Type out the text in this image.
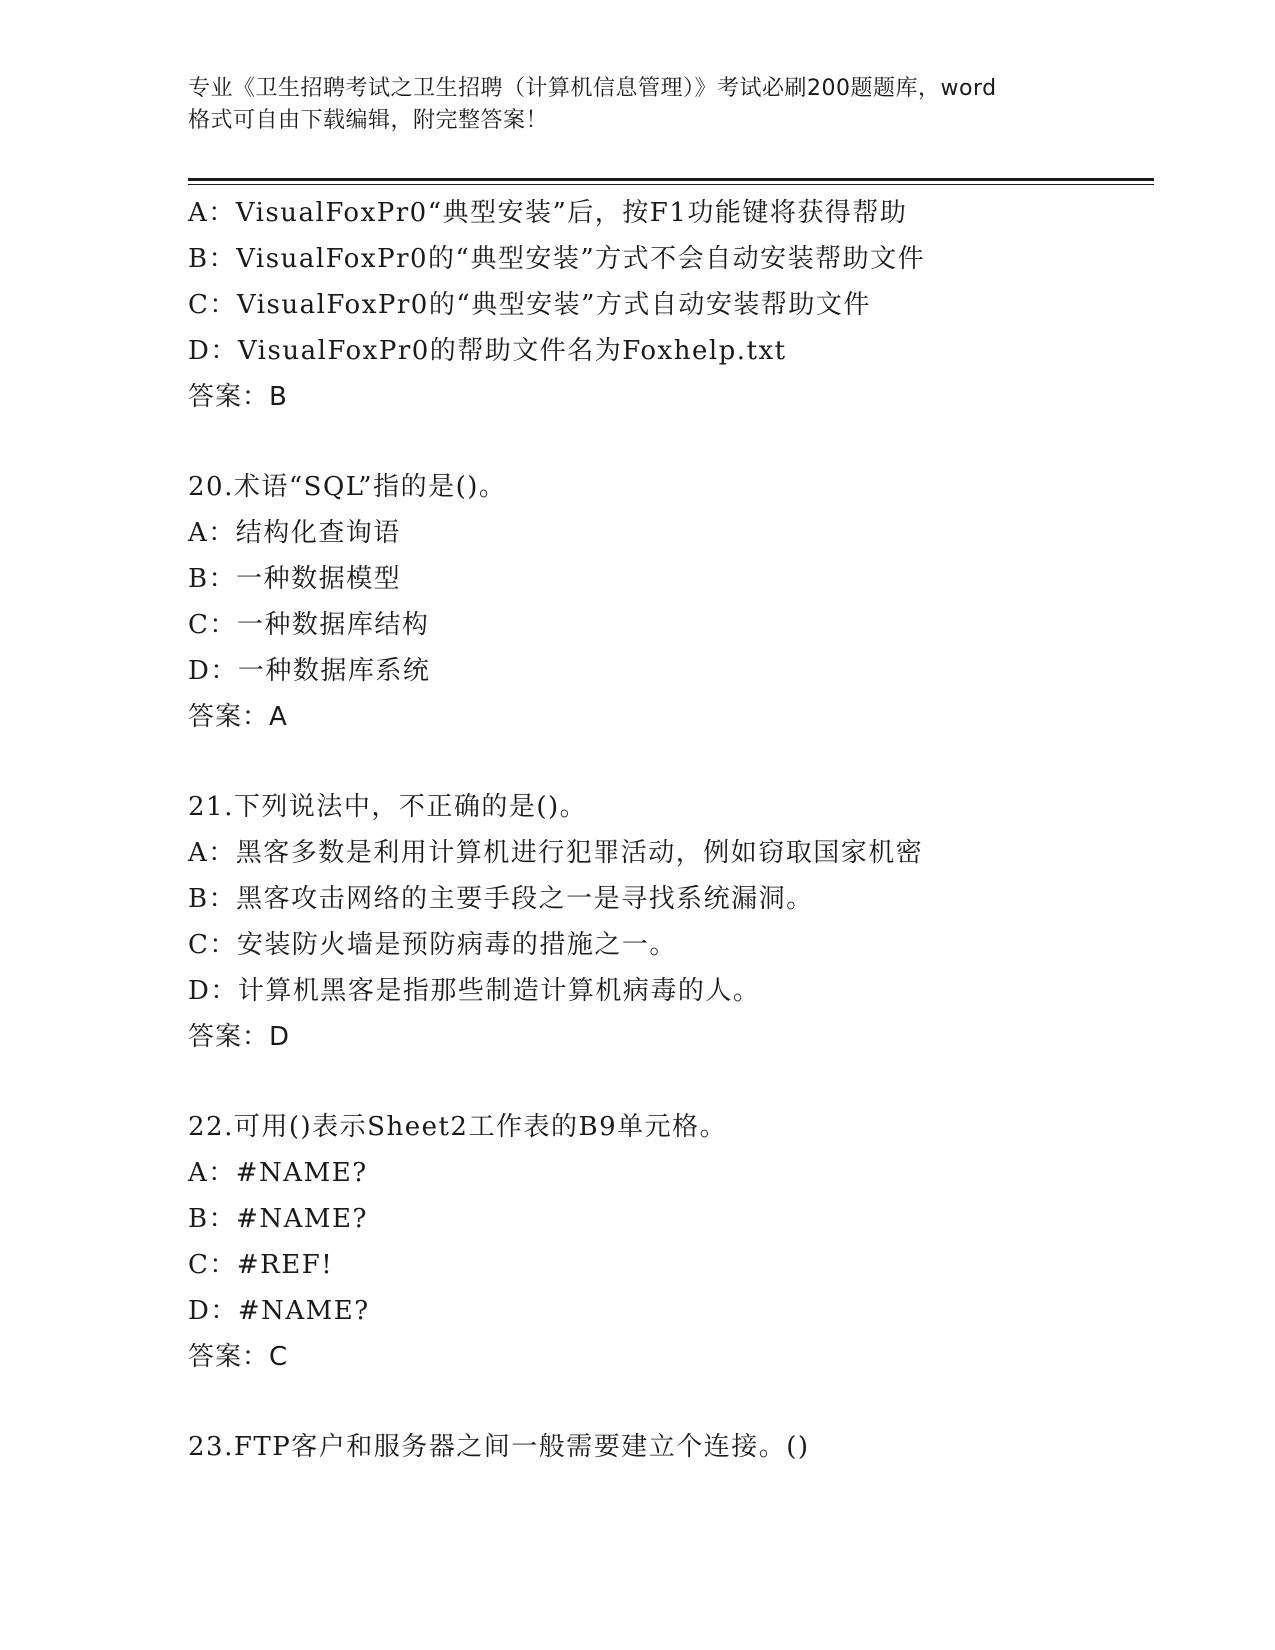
专业《卫生招聘考试之卫生招聘（计算机信息管理）》考试必刷200题题库，word
格式可自由下载编辑，附完整答案！
A：VisualFoxPr0“典型安装”后，按F1功能键将获得帮助
B：VisualFoxPr0的“典型安装”方式不会自动安装帮助文件
C：VisualFoxPr0的“典型安装”方式自动安装帮助文件
D：VisualFoxPr0的帮助文件名为Foxhelp.txt
答案：B
20.术语“SQL”指的是()。
A：结构化查询语
B：一种数据模型
C：一种数据库结构
D：一种数据库系统
答案：A
21.下列说法中，不正确的是()。
A：黑客多数是利用计算机进行犯罪活动，例如窃取国家机密
B：黑客攻击网络的主要手段之一是寻找系统漏洞。
C：安装防火墙是预防病毒的措施之一。
D：计算机黑客是指那些制造计算机病毒的人。
答案：D
22.可用()表示Sheet2工作表的B9单元格。
A：#NAME?
B：#NAME?
C：#REF!
D：#NAME?
答案：C
23.FTP客户和服务器之间一般需要建立个连接。()
